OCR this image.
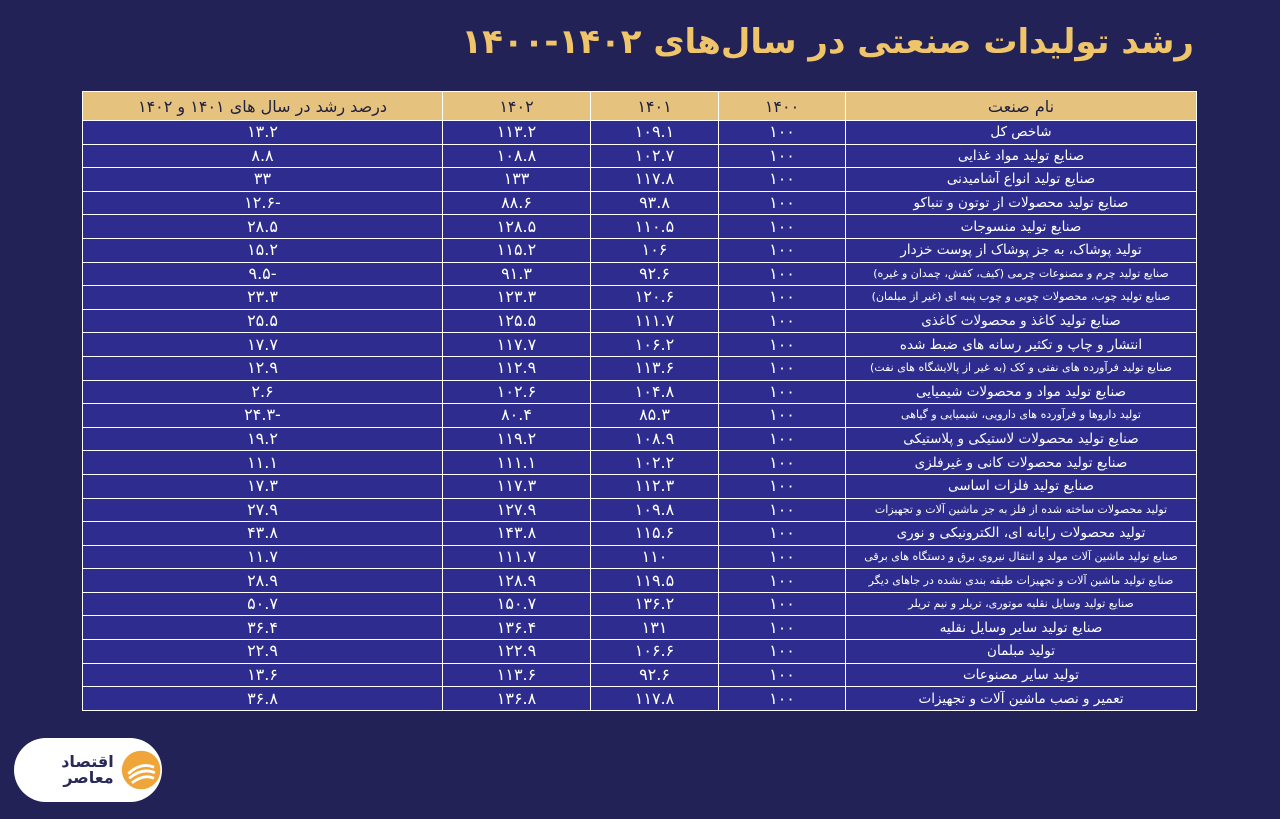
رشد تولیدات صنعتی در سال‌های ۱۴۰۲-۱۴۰۰
نام صنعت	۱۴۰۰	۱۴۰۱	۱۴۰۲	درصد رشد در سال های ۱۴۰۱ و ۱۴۰۲
شاخص کل	۱۰۰	۱۰۹.۱	۱۱۳.۲	۱۳.۲
صنایع تولید مواد غذایی	۱۰۰	۱۰۲.۷	۱۰۸.۸	۸.۸
صنایع تولید انواع آشامیدنی	۱۰۰	۱۱۷.۸	۱۳۳	۳۳
صنایع تولید محصولات از توتون و تنباکو	۱۰۰	۹۳.۸	۸۸.۶	-۱۲.۶
صنایع تولید منسوجات	۱۰۰	۱۱۰.۵	۱۲۸.۵	۲۸.۵
تولید پوشاک، به جز پوشاک از پوست خزدار	۱۰۰	۱۰۶	۱۱۵.۲	۱۵.۲
صنایع تولید چرم و مصنوعات چرمی (کیف، کفش، چمدان و غیره)	۱۰۰	۹۲.۶	۹۱.۳	-۹.۵
صنایع تولید چوب، محصولات چوبی و چوب پنبه ای (غیر از مبلمان)	۱۰۰	۱۲۰.۶	۱۲۳.۳	۲۳.۳
صنایع تولید کاغذ و محصولات کاغذی	۱۰۰	۱۱۱.۷	۱۲۵.۵	۲۵.۵
انتشار و چاپ و تکثیر رسانه های ضبط شده	۱۰۰	۱۰۶.۲	۱۱۷.۷	۱۷.۷
صنایع تولید فرآورده های نفتی و کک (به غیر از پالایشگاه های نفت)	۱۰۰	۱۱۳.۶	۱۱۲.۹	۱۲.۹
صنایع تولید مواد و محصولات شیمیایی	۱۰۰	۱۰۴.۸	۱۰۲.۶	۲.۶
تولید داروها و فرآورده های دارویی، شیمیایی و گیاهی	۱۰۰	۸۵.۳	۸۰.۴	-۲۴.۳
صنایع تولید محصولات لاستیکی و پلاستیکی	۱۰۰	۱۰۸.۹	۱۱۹.۲	۱۹.۲
صنایع تولید محصولات کانی و غیرفلزی	۱۰۰	۱۰۲.۲	۱۱۱.۱	۱۱.۱
صنایع تولید فلزات اساسی	۱۰۰	۱۱۲.۳	۱۱۷.۳	۱۷.۳
تولید محصولات ساخته شده از فلز به جز ماشین آلات و تجهیزات	۱۰۰	۱۰۹.۸	۱۲۷.۹	۲۷.۹
تولید محصولات رایانه ای، الکترونیکی و نوری	۱۰۰	۱۱۵.۶	۱۴۳.۸	۴۳.۸
صنایع تولید ماشین آلات مولد و انتقال نیروی برق و دستگاه های برقی	۱۰۰	۱۱۰	۱۱۱.۷	۱۱.۷
صنایع تولید ماشین آلات و تجهیزات طبقه بندی نشده در جاهای دیگر	۱۰۰	۱۱۹.۵	۱۲۸.۹	۲۸.۹
صنایع تولید وسایل نقلیه موتوری، تریلر و نیم تریلر	۱۰۰	۱۳۶.۲	۱۵۰.۷	۵۰.۷
صنایع تولید سایر وسایل نقلیه	۱۰۰	۱۳۱	۱۳۶.۴	۳۶.۴
تولید مبلمان	۱۰۰	۱۰۶.۶	۱۲۲.۹	۲۲.۹
تولید سایر مصنوعات	۱۰۰	۹۲.۶	۱۱۳.۶	۱۳.۶
تعمیر و نصب ماشین آلات و تجهیزات	۱۰۰	۱۱۷.۸	۱۳۶.۸	۳۶.۸
اقتصاد معاصر
